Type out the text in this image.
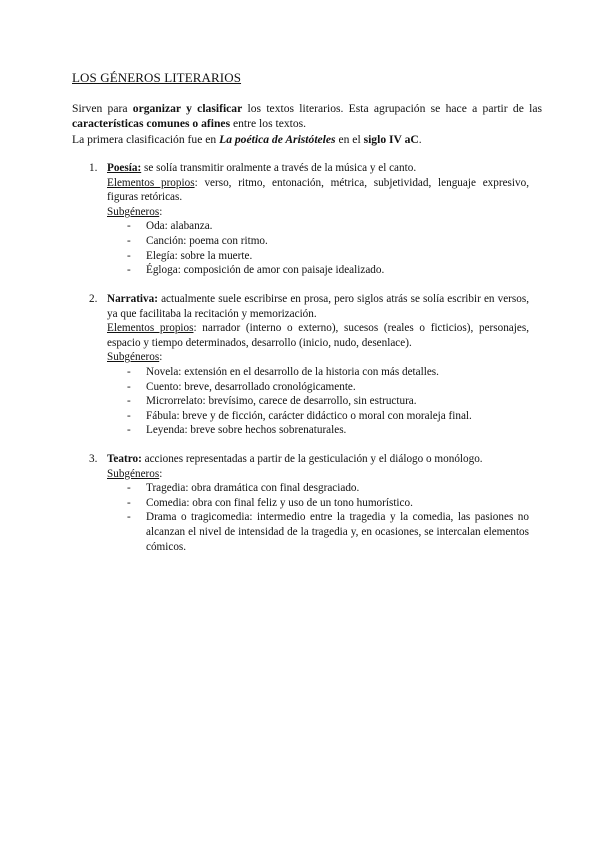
LOS GÉNEROS LITERARIOS

Sirven para organizar y clasificar los textos literarios. Esta agrupación se hace a partir de las características comunes o afines entre los textos.

La primera clasificación fue en La poética de Aristóteles en el siglo IV aC.

1. Poesía: se solía transmitir oralmente a través de la música y el canto.
Elementos propios: verso, ritmo, entonación, métrica, subjetividad, lenguaje expresivo, figuras retóricas.
Subgéneros:
-	Oda: alabanza.
-	Canción: poema con ritmo.
-	Elegía: sobre la muerte.
-	Égloga: composición de amor con paisaje idealizado.
2. Narrativa: actualmente suele escribirse en prosa, pero siglos atrás se solía escribir en versos, ya que facilitaba la recitación y memorización.
Elementos propios: narrador (interno o externo), sucesos (reales o ficticios), personajes, espacio y tiempo determinados, desarrollo (inicio, nudo, desenlace).
Subgéneros:
-	Novela: extensión en el desarrollo de la historia con más detalles.
-	Cuento: breve, desarrollado cronológicamente.
-	Microrrelato: brevísimo, carece de desarrollo, sin estructura.
-	Fábula: breve y de ficción, carácter didáctico o moral con moraleja final.
-	Leyenda: breve sobre hechos sobrenaturales.
3. Teatro: acciones representadas a partir de la gesticulación y el diálogo o monólogo.
Subgéneros:
-	Tragedia: obra dramática con final desgraciado.
-	Comedia: obra con final feliz y uso de un tono humorístico.
-	Drama o tragicomedia: intermedio entre la tragedia y la comedia, las pasiones no alcanzan el nivel de intensidad de la tragedia y, en ocasiones, se intercalan elementos cómicos.
